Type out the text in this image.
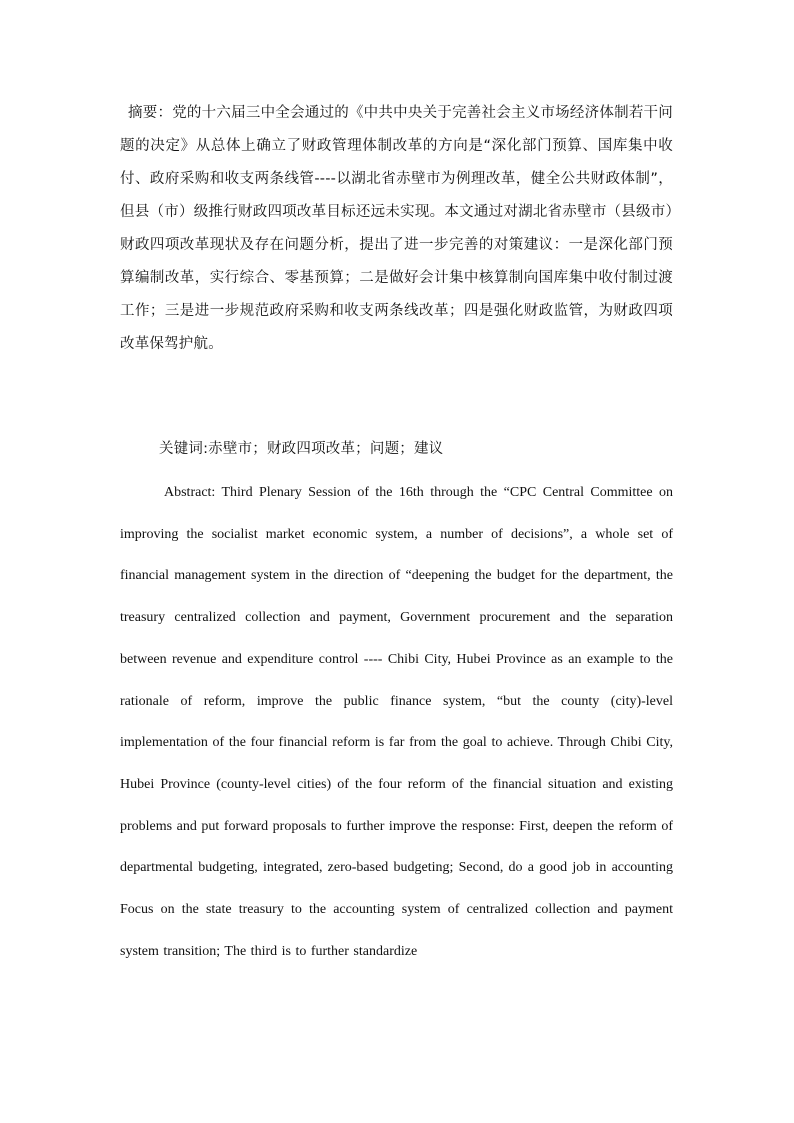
摘要：党的十六届三中全会通过的《中共中央关于完善社会主义市场经济体制若干问题的决定》从总体上确立了财政管理体制改革的方向是“深化部门预算、国库集中收付、政府采购和收支两条线管----以湖北省赤壁市为例理改革，健全公共财政体制”，但县（市）级推行财政四项改革目标还远未实现。本文通过对湖北省赤壁市（县级市）财政四项改革现状及存在问题分析，提出了进一步完善的对策建议：一是深化部门预算编制改革，实行综合、零基预算；二是做好会计集中核算制向国库集中收付制过渡工作；三是进一步规范政府采购和收支两条线改革；四是强化财政监管，为财政四项改革保驾护航。

关键词:赤壁市；财政四项改革；问题；建议

Abstract: Third Plenary Session of the 16th through the “CPC Central Committee on improving the socialist market economic system, a number of decisions”, a whole set of financial management system in the direction of “deepening the budget for the department, the treasury centralized collection and payment, Government procurement and the separation between revenue and expenditure control ---- Chibi City, Hubei Province as an example to the rationale of reform, improve the public finance system, “but the county (city)-level implementation of the four financial reform is far from the goal to achieve. Through Chibi City, Hubei Province (county-level cities) of the four reform of the financial situation and existing problems and put forward proposals to further improve the response: First, deepen the reform of departmental budgeting, integrated, zero-based budgeting; Second, do a good job in accounting Focus on the state treasury to the accounting system of centralized collection and payment system transition; The third is to further standardize
